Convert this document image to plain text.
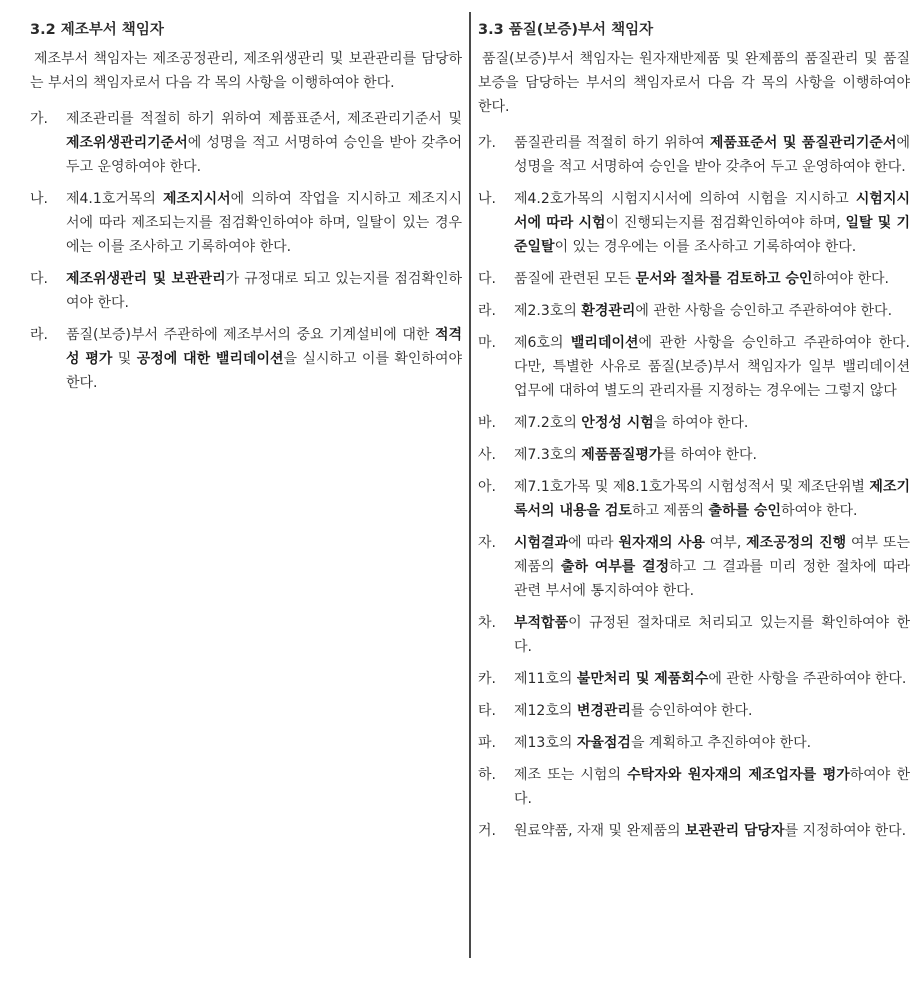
3.2 제조부서 책임자

제조부서 책임자는 제조공정관리, 제조위생관리 및 보관관리를 담당하는 부서의 책임자로서 다음 각 목의 사항을 이행하여야 한다.

가.	제조관리를 적절히 하기 위하여 제품표준서, 제조관리기준서 및 제조위생관리기준서에 성명을 적고 서명하여 승인을 받아 갖추어 두고 운영하여야 한다.
나.	제4.1호거목의 제조지시서에 의하여 작업을 지시하고 제조지시서에 따라 제조되는지를 점검확인하여야 하며, 일탈이 있는 경우에는 이를 조사하고 기록하여야 한다.
다.	제조위생관리 및 보관관리가 규정대로 되고 있는지를 점검확인하여야 한다.
라.	품질(보증)부서 주관하에 제조부서의 중요 기계설비에 대한 적격성 평가 및 공정에 대한 밸리데이션을 실시하고 이를 확인하여야 한다.
3.3 품질(보증)부서 책임자

품질(보증)부서 책임자는 원자재반제품 및 완제품의 품질관리 및 품질보증을 담당하는 부서의 책임자로서 다음 각 목의 사항을 이행하여야 한다.

가.	품질관리를 적절히 하기 위하여 제품표준서 및 품질관리기준서에 성명을 적고 서명하여 승인을 받아 갖추어 두고 운영하여야 한다.
나.	제4.2호가목의 시험지시서에 의하여 시험을 지시하고 시험지시서에 따라 시험이 진행되는지를 점검확인하여야 하며, 일탈 및 기준일탈이 있는 경우에는 이를 조사하고 기록하여야 한다.
다.	품질에 관련된 모든 문서와 절차를 검토하고 승인하여야 한다.
라.	제2.3호의 환경관리에 관한 사항을 승인하고 주관하여야 한다.
마.	제6호의 밸리데이션에 관한 사항을 승인하고 주관하여야 한다. 다만, 특별한 사유로 품질(보증)부서 책임자가 일부 밸리데이션 업무에 대하여 별도의 관리자를 지정하는 경우에는 그렇지 않다
바.	제7.2호의 안정성 시험을 하여야 한다.
사.	제7.3호의 제품품질평가를 하여야 한다.
아.	제7.1호가목 및 제8.1호가목의 시험성적서 및 제조단위별 제조기록서의 내용을 검토하고 제품의 출하를 승인하여야 한다.
자.	시험결과에 따라 원자재의 사용 여부, 제조공정의 진행 여부 또는 제품의 출하 여부를 결정하고 그 결과를 미리 정한 절차에 따라 관련 부서에 통지하여야 한다.
차.	부적합품이 규정된 절차대로 처리되고 있는지를 확인하여야 한다.
카.	제11호의 불만처리 및 제품회수에 관한 사항을 주관하여야 한다.
타.	제12호의 변경관리를 승인하여야 한다.
파.	제13호의 자율점검을 계획하고 추진하여야 한다.
하.	제조 또는 시험의 수탁자와 원자재의 제조업자를 평가하여야 한다.
거.	원료약품, 자재 및 완제품의 보관관리 담당자를 지정하여야 한다.
